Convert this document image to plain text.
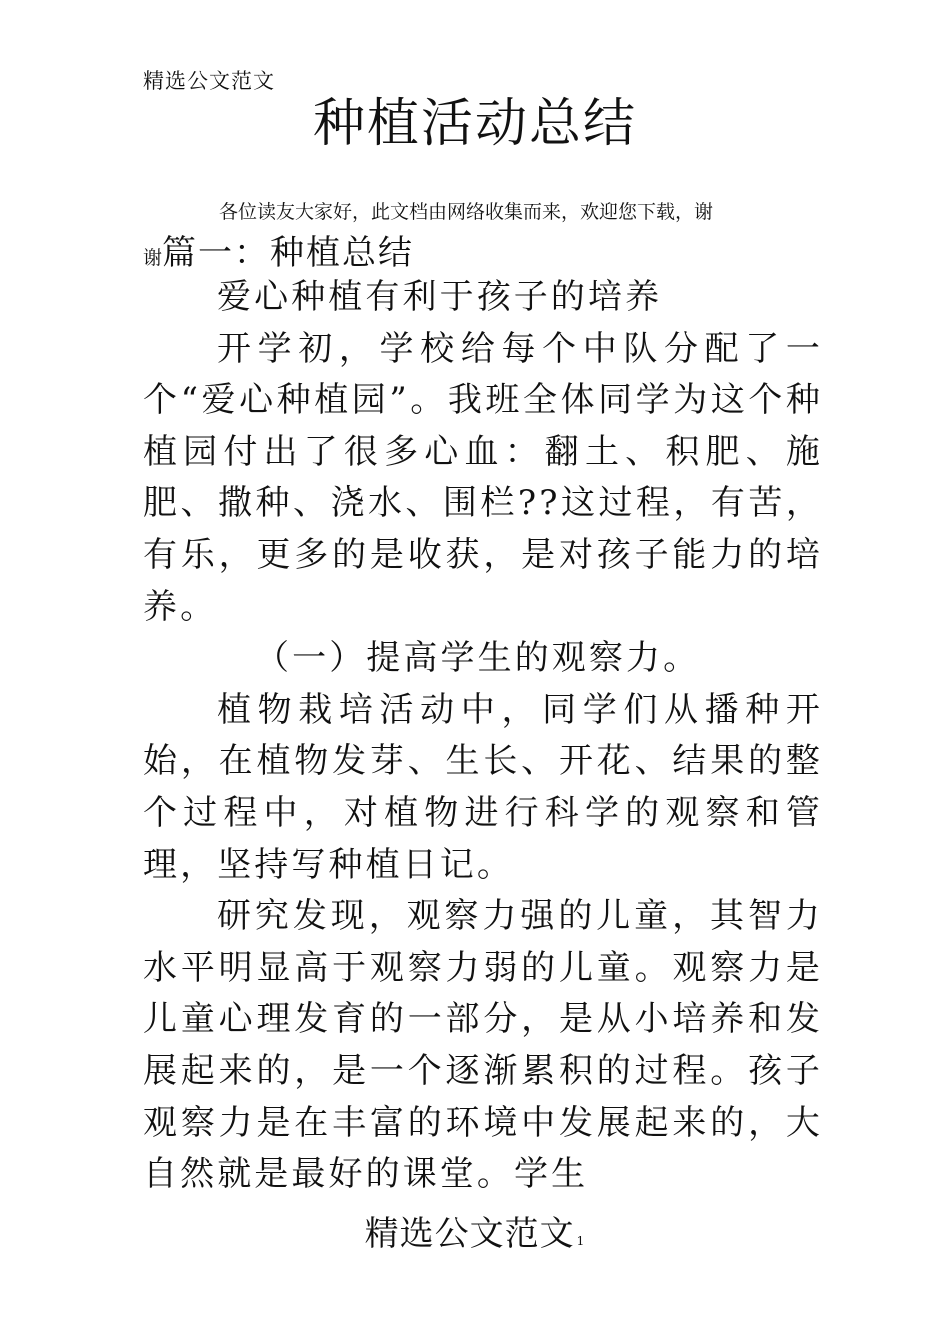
精选公文范文
种植活动总结
各位读友大家好，此文档由网络收集而来，欢迎您下载，谢
谢篇一：种植总结

爱心种植有利于孩子的培养

开学初，学校给每个中队分配了一个“爱心种植园”。我班全体同学为这个种植园付出了很多心血：翻土、积肥、施肥、撒种、浇水、围栏??这过程，有苦，有乐，更多的是收获，是对孩子能力的培养。

（一）提高学生的观察力。

植物栽培活动中，同学们从播种开始，在植物发芽、生长、开花、结果的整个过程中，对植物进行科学的观察和管理，坚持写种植日记。

研究发现，观察力强的儿童，其智力水平明显高于观察力弱的儿童。观察力是儿童心理发育的一部分，是从小培养和发展起来的，是一个逐渐累积的过程。孩子观察力是在丰富的环境中发展起来的，大自然就是最好的课堂。学生

精选公文范文 1
